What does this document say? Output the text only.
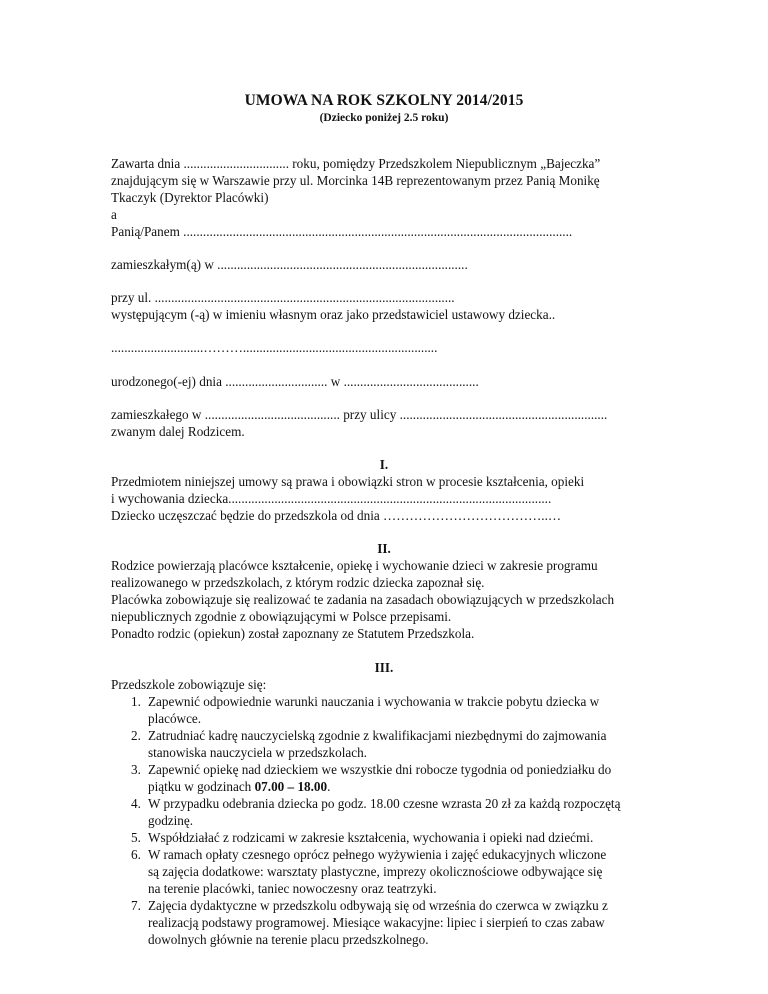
UMOWA NA ROK SZKOLNY 2014/2015
(Dziecko poniżej 2.5 roku)
Zawarta dnia ................................ roku, pomiędzy Przedszkolem Niepublicznym „Bajeczka”
znajdującym się w Warszawie przy ul. Morcinka 14B reprezentowanym przez Panią Monikę
Tkaczyk (Dyrektor Placówki)
a
Panią/Panem ......................................................................................................................
zamieszkałym(ą) w ............................................................................
przy ul. ...........................................................................................
występującym (-ą) w imieniu własnym oraz jako przedstawiciel ustawowy dziecka..
............................………...........................................................
urodzonego(-ej) dnia ............................... w .........................................
zamieszkałego w ......................................... przy ulicy ...............................................................
zwanym dalej Rodzicem.
I.
Przedmiotem niniejszej umowy są prawa i obowiązki stron w procesie kształcenia, opieki
i wychowania dziecka..................................................................................................
Dziecko uczęszczać będzie do przedszkola od dnia ………………………………..…
II.
Rodzice powierzają placówce kształcenie, opiekę i wychowanie dzieci w zakresie programu
realizowanego w przedszkolach, z którym rodzic dziecka zapoznał się.
Placówka zobowiązuje się realizować te zadania na zasadach obowiązujących w przedszkolach
niepublicznych zgodnie z obowiązującymi w Polsce przepisami.
Ponadto rodzic (opiekun) został zapoznany ze Statutem Przedszkola.
III.
Przedszkole zobowiązuje się:
1. Zapewnić odpowiednie warunki nauczania i wychowania w trakcie pobytu dziecka w
placówce.
2. Zatrudniać kadrę nauczycielską zgodnie z kwalifikacjami niezbędnymi do zajmowania
stanowiska nauczyciela w przedszkolach.
3. Zapewnić opiekę nad dzieckiem we wszystkie dni robocze tygodnia od poniedziałku do
piątku w godzinach 07.00 – 18.00.
4. W przypadku odebrania dziecka po godz. 18.00 czesne wzrasta 20 zł za każdą rozpoczętą
godzinę.
5. Współdziałać z rodzicami w zakresie kształcenia, wychowania i opieki nad dziećmi.
6. W ramach opłaty czesnego oprócz pełnego wyżywienia i zajęć edukacyjnych wliczone
są zajęcia dodatkowe: warsztaty plastyczne, imprezy okolicznościowe odbywające się
na terenie placówki, taniec nowoczesny oraz teatrzyki.
7. Zajęcia dydaktyczne w przedszkolu odbywają się od września do czerwca w związku z
realizacją podstawy programowej. Miesiące wakacyjne: lipiec i sierpień to czas zabaw
dowolnych głównie na terenie placu przedszkolnego.
